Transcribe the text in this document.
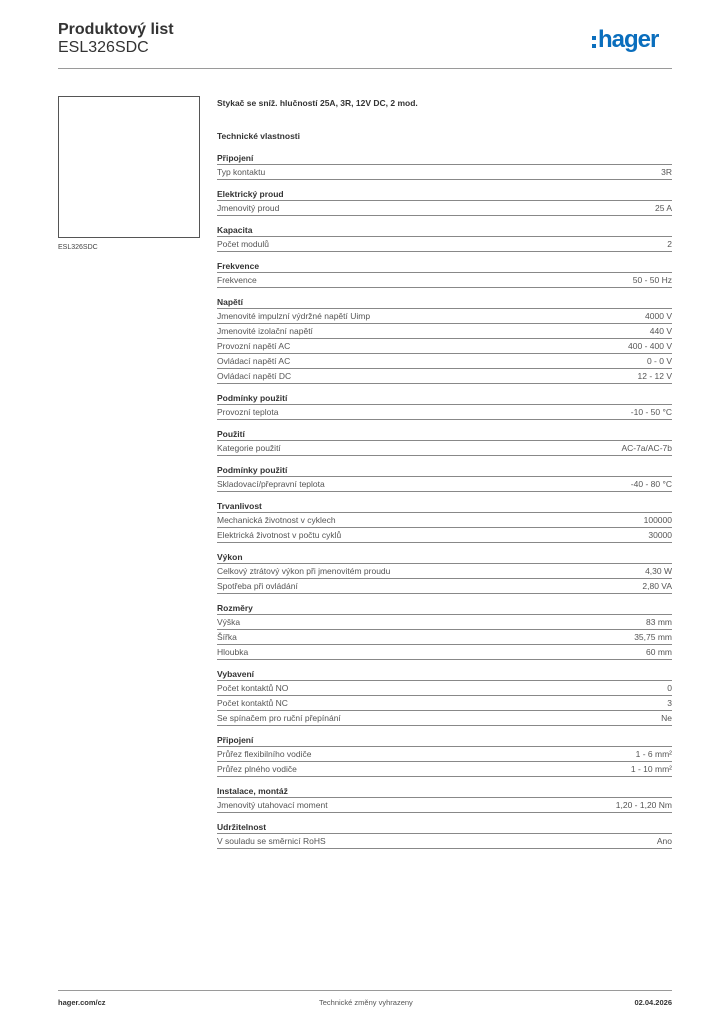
Produktový list
ESL326SDC	hager
ESL326SDC
Stykač se sníž. hlučností 25A, 3R, 12V DC, 2 mod.
Technické vlastnosti
Připojení
Typ kontaktu	3R
Elektrický proud
Jmenovitý proud	25 A
Kapacita
Počet modulů	2
Frekvence
Frekvence	50 - 50 Hz
Napětí
Jmenovité impulzní výdržné napětí Uimp	4000 V
Jmenovité izolační napětí	440 V
Provozní napětí AC	400 - 400 V
Ovládací napětí AC	0 - 0 V
Ovládací napětí DC	12 - 12 V
Podmínky použití
Provozní teplota	-10 - 50 °C
Použití
Kategorie použití	AC-7a/AC-7b
Podmínky použití
Skladovací/přepravní teplota	-40 - 80 °C
Trvanlivost
Mechanická životnost v cyklech	100000
Elektrická životnost v počtu cyklů	30000
Výkon
Celkový ztrátový výkon při jmenovitém proudu	4,30 W
Spotřeba při ovládání	2,80 VA
Rozměry
Výška	83 mm
Šířka	35,75 mm
Hloubka	60 mm
Vybavení
Počet kontaktů NO	0
Počet kontaktů NC	3
Se spínačem pro ruční přepínání	Ne
Připojení
Průřez flexibilního vodiče	1 - 6 mm²
Průřez plného vodiče	1 - 10 mm²
Instalace, montáž
Jmenovitý utahovací moment	1,20 - 1,20 Nm
Udržitelnost
V souladu se směrnicí RoHS	Ano
hager.com/cz	Technické změny vyhrazeny	02.04.2026
